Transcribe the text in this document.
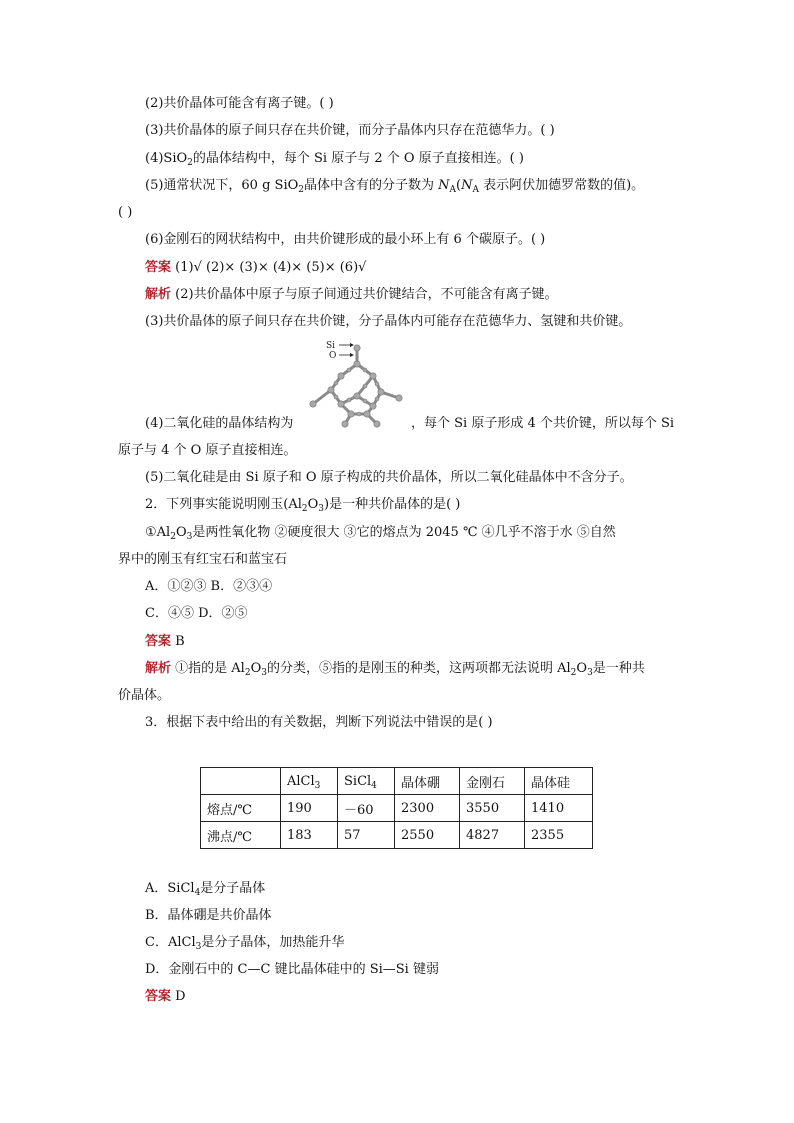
(2)共价晶体可能含有离子键。( )
(3)共价晶体的原子间只存在共价键，而分子晶体内只存在范德华力。( )
(4)SiO$_2$的晶体结构中，每个 Si 原子与 2 个 O 原子直接相连。( )
(5)通常状况下，60 g SiO$_2$晶体中含有的分子数为 $N_A(N_A$ 表示阿伏加德罗常数的值)。
( )
(6)金刚石的网状结构中，由共价键形成的最小环上有 6 个碳原子。( )
答案 (1)√ (2)× (3)× (4)× (5)× (6)√
解析 (2)共价晶体中原子与原子间通过共价键结合，不可能含有离子键。
(3)共价晶体的原子间只存在共价键，分子晶体内可能存在范德华力、氢键和共价键。
Si
O
(4)二氧化硅的晶体结构为	，每个 Si 原子形成 4 个共价键，所以每个 Si
原子与 4 个 O 原子直接相连。
(5)二氧化硅是由 Si 原子和 O 原子构成的共价晶体，所以二氧化硅晶体中不含分子。
2．下列事实能说明刚玉$(Al_2O_3)$是一种共价晶体的是( )
$①Al_2O_3$是两性氧化物 ②硬度很大 ③它的熔点为 2045 ℃ ④几乎不溶于水 ⑤自然
界中的刚玉有红宝石和蓝宝石
A．①②③ B．②③④
C．④⑤ D．②⑤
答案 B
解析 ①指的是 $Al_2O_3$的分类，⑤指的是刚玉的种类，这两项都无法说明 $Al_2O_3$是一种共
价晶体。
3．根据下表中给出的有关数据，判断下列说法中错误的是( )
	AlCl$_3$	SiCl$_4$	晶体硼	金刚石	晶体硅
熔点/℃	190	－60	2300	3550	1410
沸点/℃	183	57	2550	4827	2355
A．SiCl$_4$是分子晶体
B．晶体硼是共价晶体
C．AlCl$_3$是分子晶体，加热能升华
D．金刚石中的 C—C 键比晶体硅中的 Si—Si 键弱
答案 D
